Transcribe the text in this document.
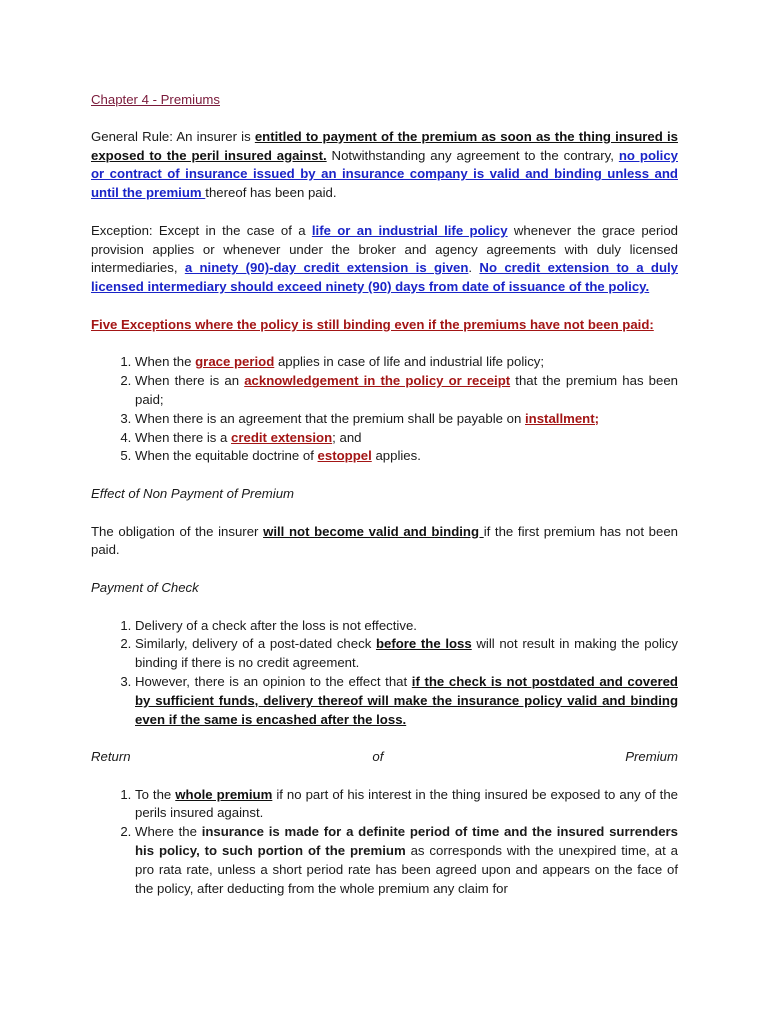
Chapter 4 - Premiums

General Rule: An insurer is entitled to payment of the premium as soon as the thing insured is exposed to the peril insured against. Notwithstanding any agreement to the contrary, no policy or contract of insurance issued by an insurance company is valid and binding unless and until the premium thereof has been paid.

Exception: Except in the case of a life or an industrial life policy whenever the grace period provision applies or whenever under the broker and agency agreements with duly licensed intermediaries, a ninety (90)-day credit extension is given. No credit extension to a duly licensed intermediary should exceed ninety (90) days from date of issuance of the policy.

Five Exceptions where the policy is still binding even if the premiums have not been paid:

1. When the grace period applies in case of life and industrial life policy;
2. When there is an acknowledgement in the policy or receipt that the premium has been paid;
3. When there is an agreement that the premium shall be payable on installment;
4. When there is a credit extension; and
5. When the equitable doctrine of estoppel applies.

Effect of Non Payment of Premium

The obligation of the insurer will not become valid and binding if the first premium has not been paid.

Payment of Check

1. Delivery of a check after the loss is not effective.
2. Similarly, delivery of a post-dated check before the loss will not result in making the policy binding if there is no credit agreement.
3. However, there is an opinion to the effect that if the check is not postdated and covered by sufficient funds, delivery thereof will make the insurance policy valid and binding even if the same is encashed after the loss.
Return	of	Premium
1. To the whole premium if no part of his interest in the thing insured be exposed to any of the perils insured against.
2. Where the insurance is made for a definite period of time and the insured surrenders his policy, to such portion of the premium as corresponds with the unexpired time, at a pro rata rate, unless a short period rate has been agreed upon and appears on the face of the policy, after deducting from the whole premium any claim for
